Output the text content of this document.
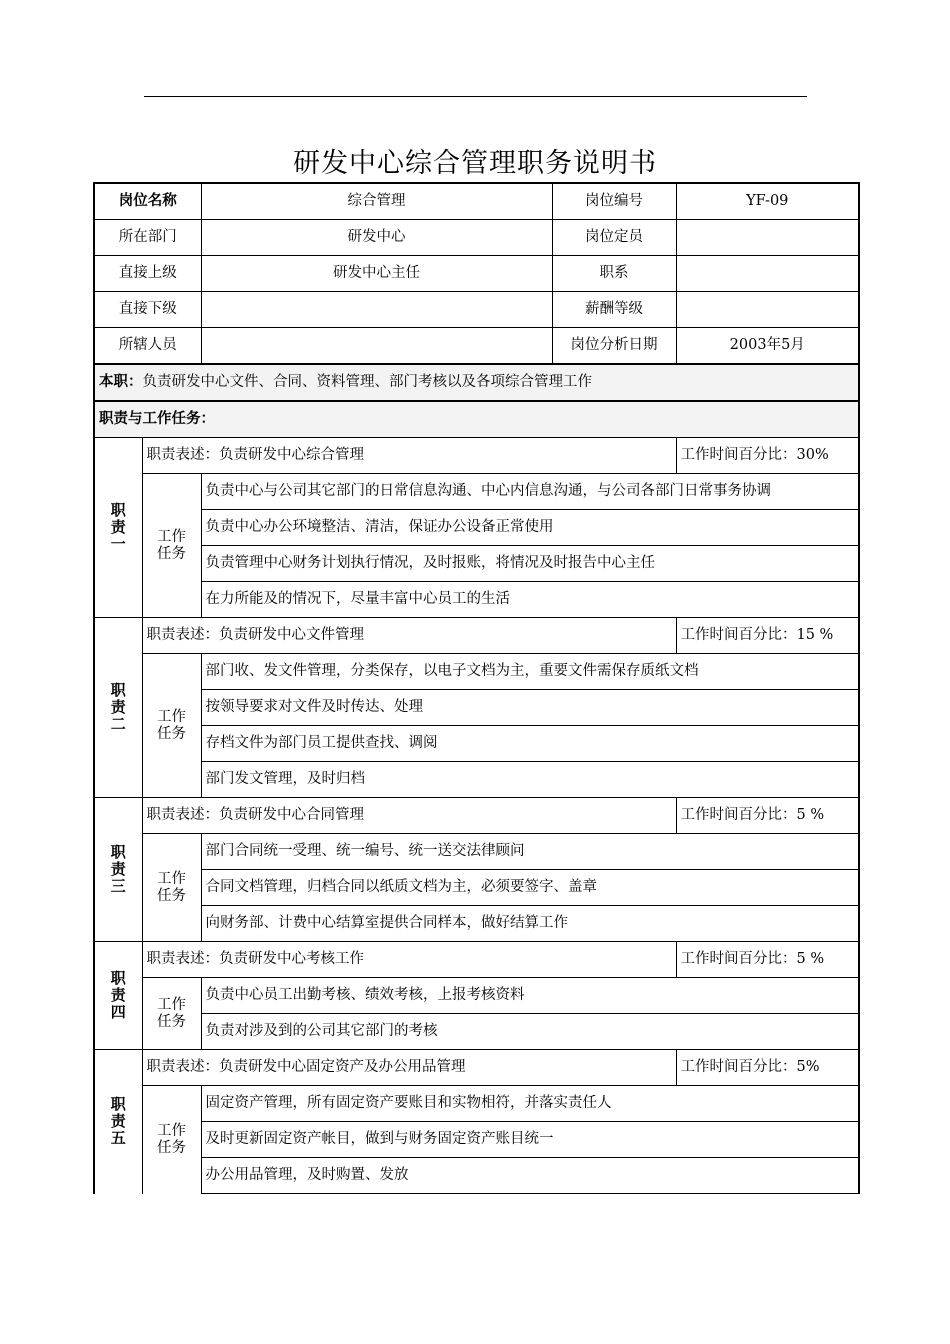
研发中心综合管理职务说明书
岗位名称		综合管理	岗位编号	YF-09
所在部门		研发中心	岗位定员	
直接上级		研发中心主任	职系	
直接下级			薪酬等级	
所辖人员			岗位分析日期	2003年5月
本职：负责研发中心文件、合同、资料管理、部门考核以及各项综合管理工作				
职责与工作任务：				

职
责
一	职责表述：负责研发中心综合管理			工作时间百分比：30%

	工作
任务	负责中心与公司其它部门的日常信息沟通、中心内信息沟通，与公司各部门日常事务协调		
		负责中心办公环境整洁、清洁，保证办公设备正常使用		
		负责管理中心财务计划执行情况，及时报账，将情况及时报告中心主任		
		在力所能及的情况下，尽量丰富中心员工的生活		

职
责
二	职责表述：负责研发中心文件管理			工作时间百分比：15 %

	工作
任务	部门收、发文件管理，分类保存，以电子文档为主，重要文件需保存质纸文档		
		按领导要求对文件及时传达、处理		
		存档文件为部门员工提供查找、调阅		
		部门发文管理，及时归档		

职
责
三	职责表述：负责研发中心合同管理			工作时间百分比：5 %

	工作
任务	部门合同统一受理、统一编号、统一送交法律顾问		
		合同文档管理，归档合同以纸质文档为主，必须要签字、盖章		
		向财务部、计费中心结算室提供合同样本，做好结算工作		

职
责
四	职责表述：负责研发中心考核工作			工作时间百分比：5 %

	工作
任务	负责中心员工出勤考核、绩效考核，上报考核资料		
		负责对涉及到的公司其它部门的考核		

职
责
五	职责表述：负责研发中心固定资产及办公用品管理			工作时间百分比：5%

	工作
任务	固定资产管理，所有固定资产要账目和实物相符，并落实责任人		
		及时更新固定资产帐目，做到与财务固定资产账目统一		
		办公用品管理，及时购置、发放		
